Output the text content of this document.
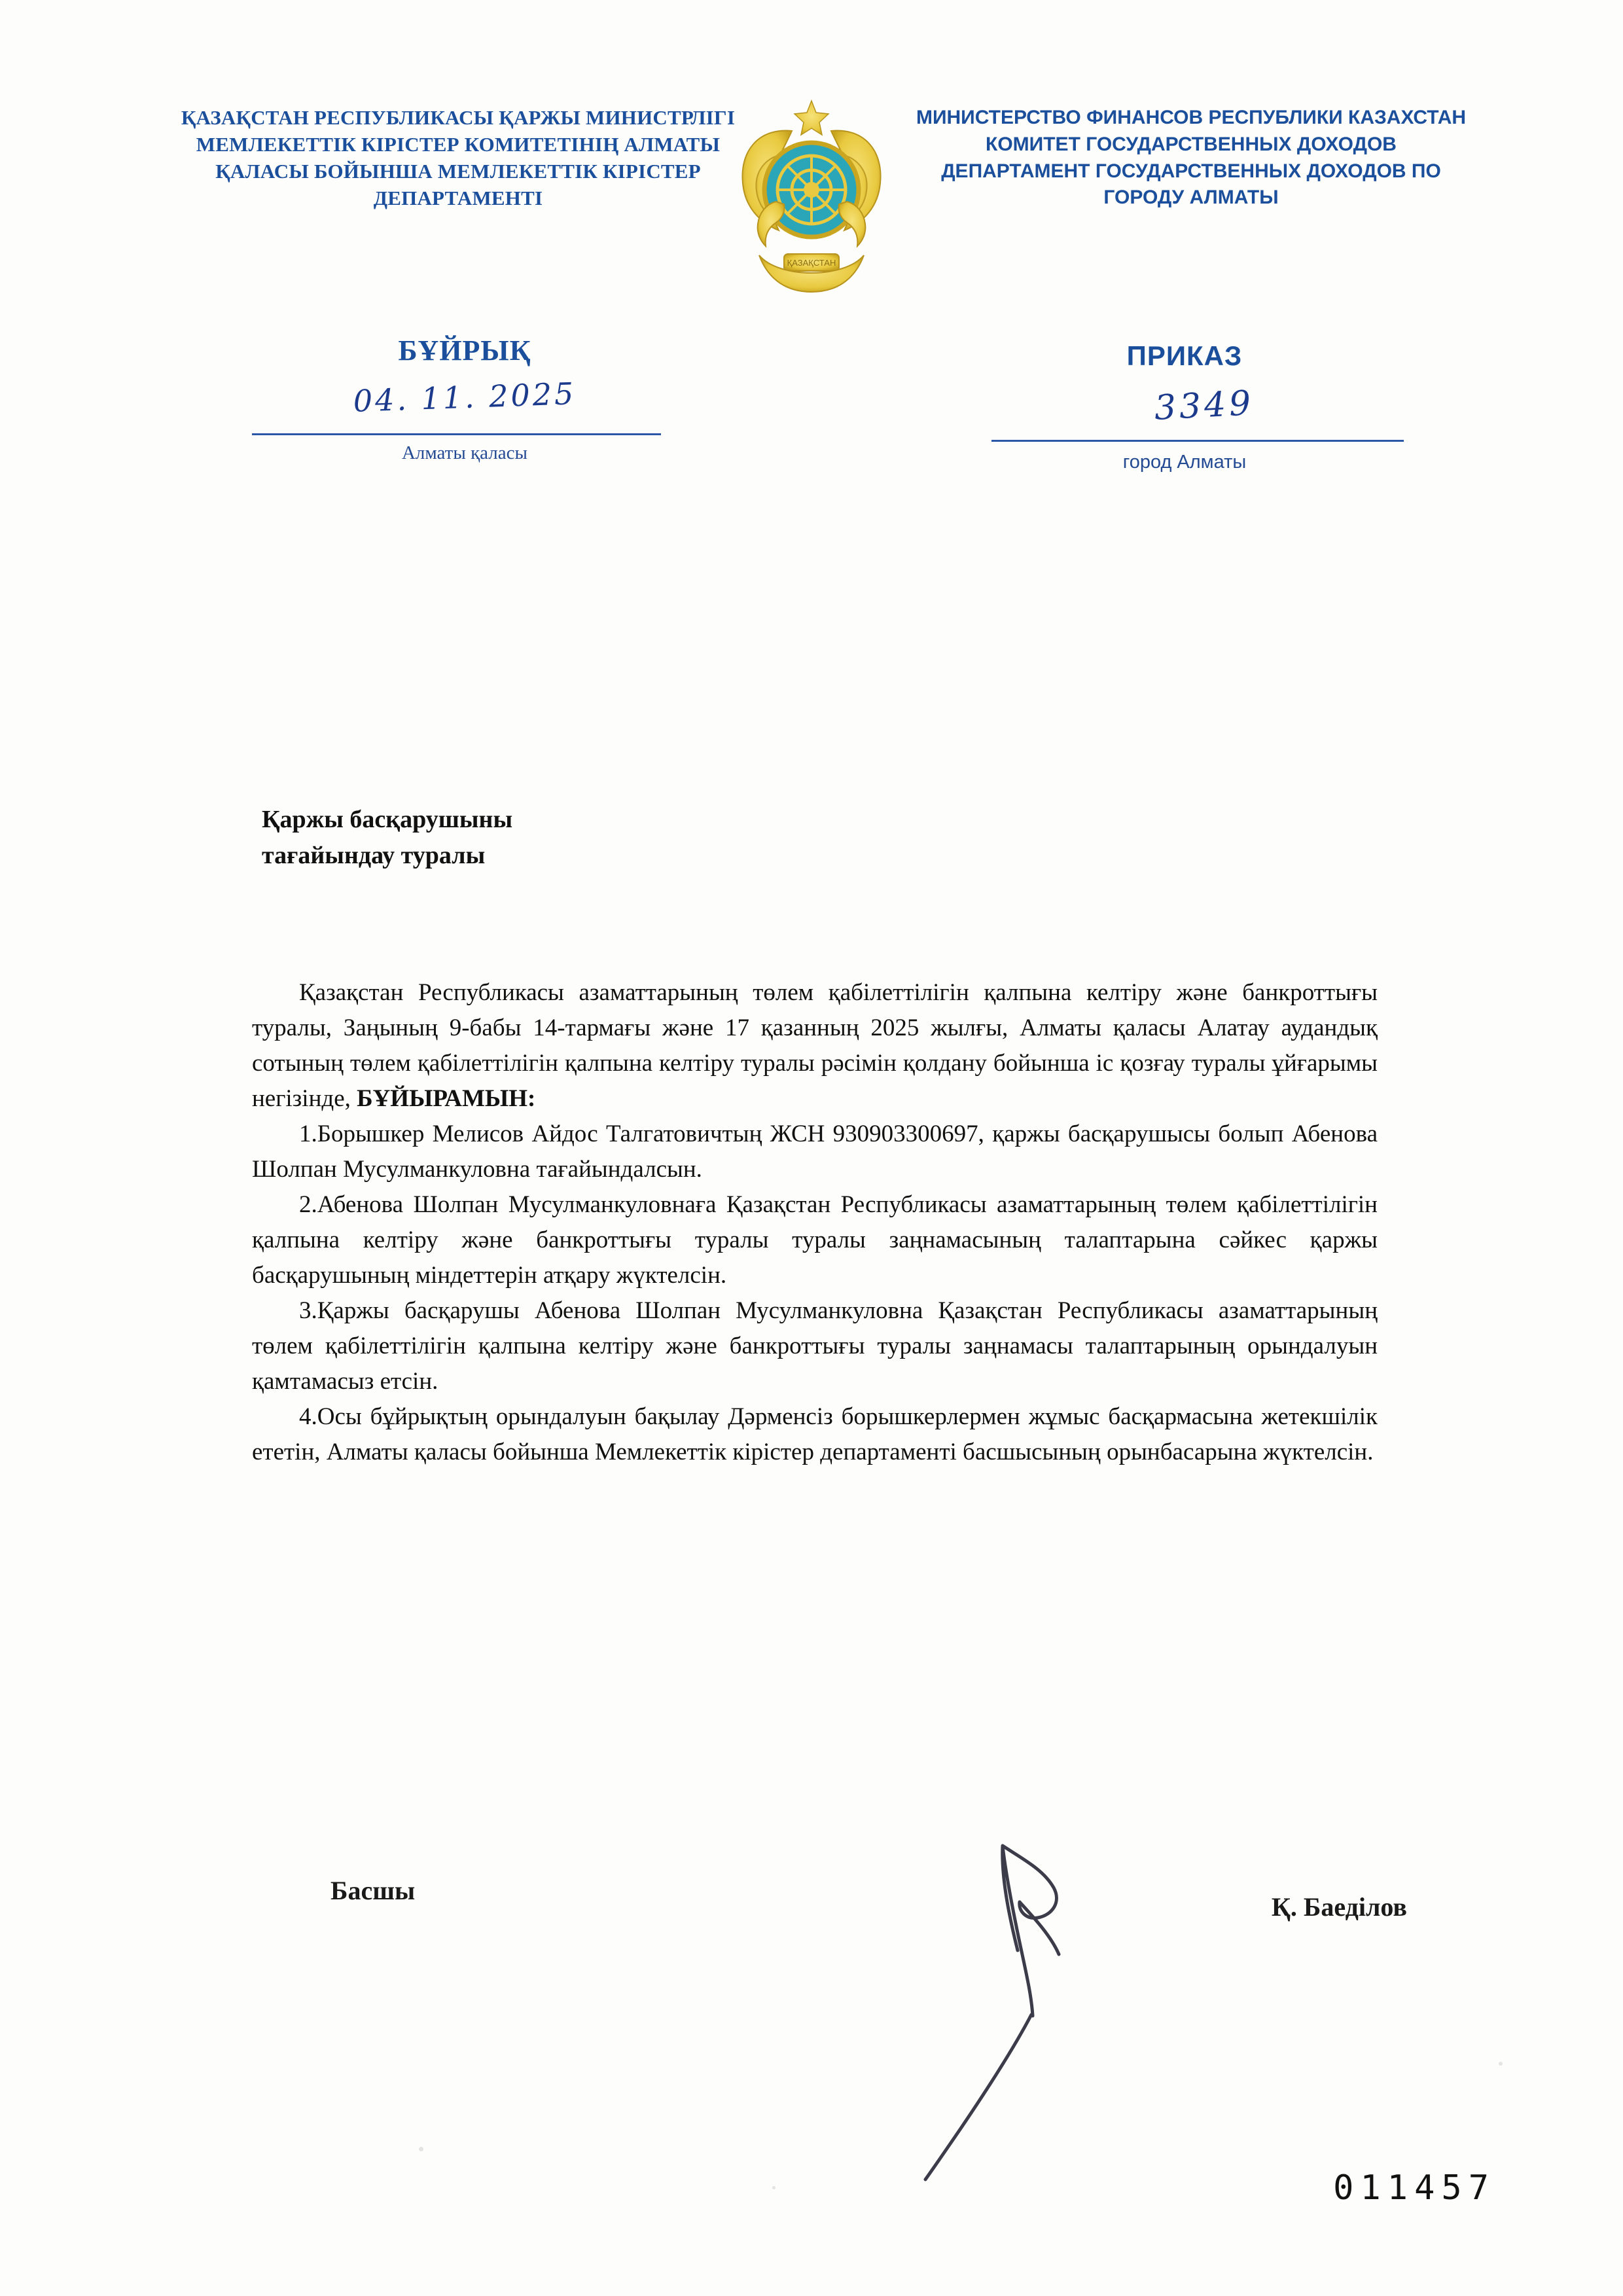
ҚАЗАҚСТАН РЕСПУБЛИКАСЫ ҚАРЖЫ МИНИСТРЛІГІ МЕМЛЕКЕТТІК КІРІСТЕР КОМИТЕТІНІҢ АЛМАТЫ ҚАЛАСЫ БОЙЫНША МЕМЛЕКЕТТІК КІРІСТЕР ДЕПАРТАМЕНТІ
ҚАЗАҚСТАН
МИНИСТЕРСТВО ФИНАНСОВ РЕСПУБЛИКИ КАЗАХСТАН КОМИТЕТ ГОСУДАРСТВЕННЫХ ДОХОДОВ ДЕПАРТАМЕНТ ГОСУДАРСТВЕННЫХ ДОХОДОВ ПО ГОРОДУ АЛМАТЫ
БҰЙРЫҚ	ПРИКАЗ
04. 11. 2025	3349
Алматы қаласы	город Алматы
Қаржы басқарушыны
тағайындау туралы

Қазақстан Республикасы азаматтарының төлем қабілеттілігін қалпына келтіру және банкроттығы туралы, Заңының 9-бабы 14-тармағы және 17 қазанның 2025 жылғы, Алматы қаласы Алатау аудандық сотының төлем қабілеттілігін қалпына келтіру туралы рәсімін қолдану бойынша іс қозғау туралы ұйғарымы негізінде, БҰЙЫРАМЫН:

1.Борышкер Мелисов Айдос Талгатовичтың ЖСН 930903300697, қаржы басқарушысы болып Абенова Шолпан Мусулманкуловна тағайындалсын.

2.Абенова Шолпан Мусулманкуловнаға Қазақстан Республикасы азаматтарының төлем қабілеттілігін қалпына келтіру және банкроттығы туралы туралы заңнамасының талаптарына сәйкес қаржы басқарушының міндеттерін атқару жүктелсін.

3.Қаржы басқарушы Абенова Шолпан Мусулманкуловна Қазақстан Республикасы азаматтарының төлем қабілеттілігін қалпына келтіру және банкроттығы туралы заңнамасы талаптарының орындалуын қамтамасыз етсін.

4.Осы бұйрықтың орындалуын бақылау Дәрменсіз борышкерлермен жұмыс басқармасына жетекшілік ететін, Алматы қаласы бойынша Мемлекеттік кірістер департаменті басшысының орынбасарына жүктелсін.

Басшы
Қ. Баеділов
011457
